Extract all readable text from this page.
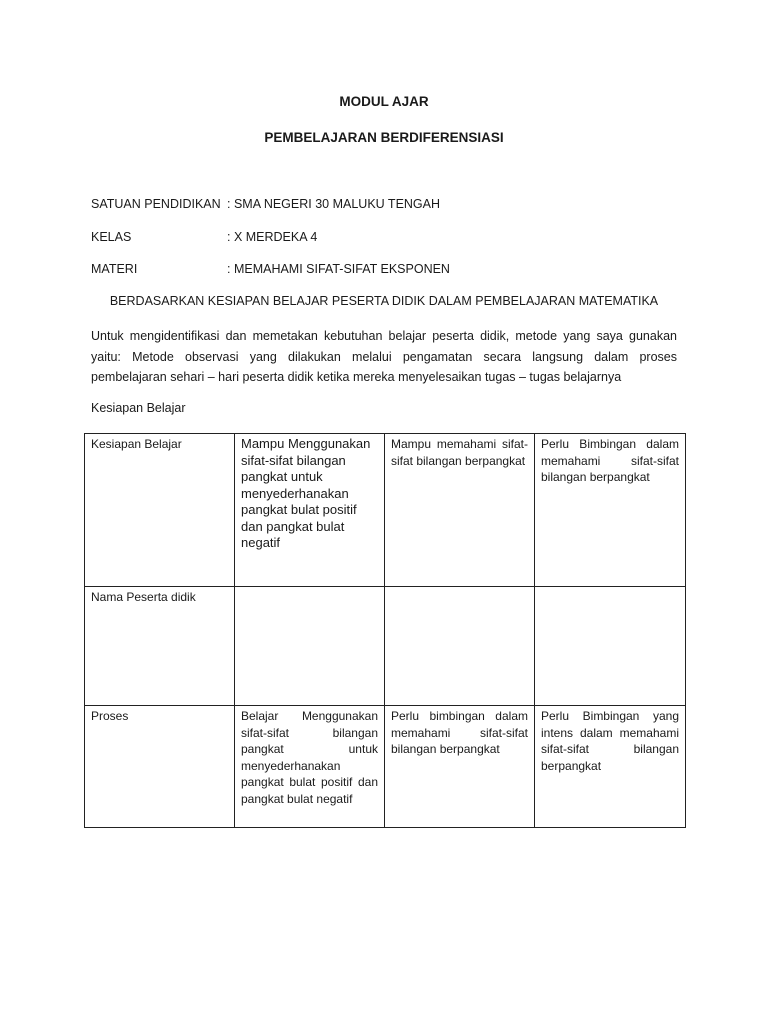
MODUL AJAR
PEMBELAJARAN BERDIFERENSIASI
SATUAN PENDIDIKAN : SMA NEGERI 30 MALUKU TENGAH
KELAS	: X MERDEKA 4
MATERI	: MEMAHAMI SIFAT-SIFAT EKSPONEN
BERDASARKAN KESIAPAN BELAJAR PESERTA DIDIK DALAM PEMBELAJARAN MATEMATIKA
Untuk mengidentifikasi dan memetakan kebutuhan belajar peserta didik, metode yang saya gunakan yaitu: Metode observasi yang dilakukan melalui pengamatan secara langsung dalam proses pembelajaran sehari – hari peserta didik ketika mereka menyelesaikan tugas – tugas belajarnya
Kesiapan Belajar
Kesiapan Belajar	Mampu Menggunakan sifat-sifat bilangan pangkat untuk menyederhanakan pangkat bulat positif dan pangkat bulat negatif	Mampu memahami sifat-sifat bilangan berpangkat	Perlu Bimbingan dalam memahami sifat-sifat bilangan berpangkat
Nama Peserta didik			
Proses	Belajar Menggunakan sifat-sifat bilangan pangkat untuk menyederhanakan pangkat bulat positif dan pangkat bulat negatif	Perlu bimbingan dalam memahami sifat-sifat bilangan berpangkat	Perlu Bimbingan yang intens dalam memahami sifat-sifat bilangan berpangkat
